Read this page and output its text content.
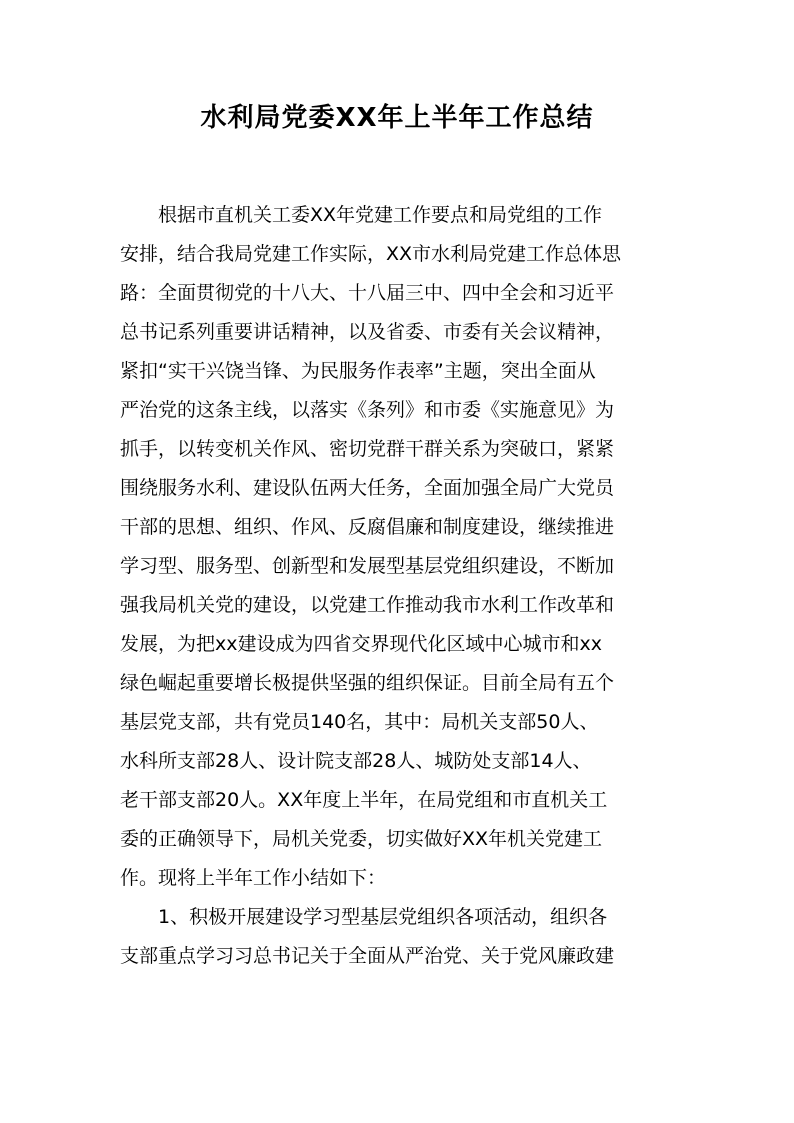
水利局党委XX年上半年工作总结
　　根据市直机关工委XX年党建工作要点和局党组的工作
安排，结合我局党建工作实际，XX市水利局党建工作总体思
路：全面贯彻党的十八大、十八届三中、四中全会和习近平
总书记系列重要讲话精神，以及省委、市委有关会议精神，
紧扣“实干兴饶当锋、为民服务作表率”主题，突出全面从
严治党的这条主线，以落实《条列》和市委《实施意见》为
抓手，以转变机关作风、密切党群干群关系为突破口，紧紧
围绕服务水利、建设队伍两大任务，全面加强全局广大党员
干部的思想、组织、作风、反腐倡廉和制度建设，继续推进
学习型、服务型、创新型和发展型基层党组织建设，不断加
强我局机关党的建设，以党建工作推动我市水利工作改革和
发展，为把xx建设成为四省交界现代化区域中心城市和xx
绿色崛起重要增长极提供坚强的组织保证。目前全局有五个
基层党支部，共有党员140名，其中：局机关支部50人、
水科所支部28人、设计院支部28人、城防处支部14人、
老干部支部20人。XX年度上半年，在局党组和市直机关工
委的正确领导下，局机关党委，切实做好XX年机关党建工
作。现将上半年工作小结如下：
　　1、积极开展建设学习型基层党组织各项活动，组织各
支部重点学习习总书记关于全面从严治党、关于党风廉政建
